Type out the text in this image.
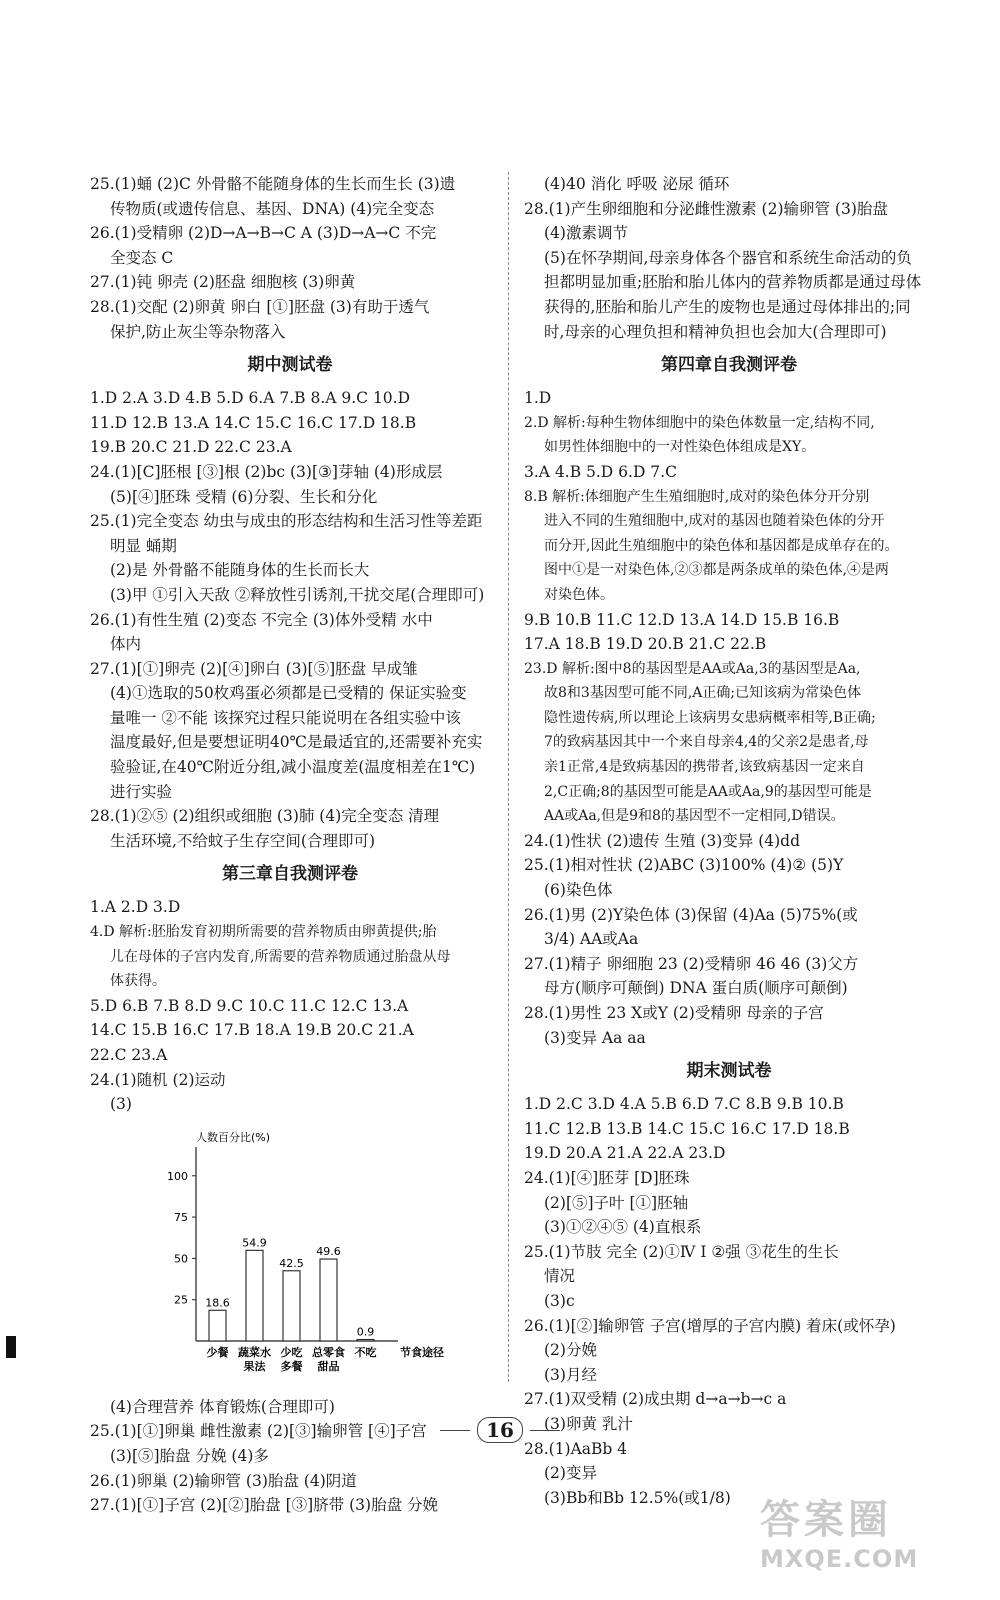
25.(1)蛹 (2)C 外骨骼不能随身体的生长而生长 (3)遗
传物质(或遗传信息、基因、DNA) (4)完全变态
26.(1)受精卵 (2)D→A→B→C A (3)D→A→C 不完
全变态 C
27.(1)钝 卵壳 (2)胚盘 细胞核 (3)卵黄
28.(1)交配 (2)卵黄 卵白 [①]胚盘 (3)有助于透气
保护,防止灰尘等杂物落入
期中测试卷
1.D 2.A 3.D 4.B 5.D 6.A 7.B 8.A 9.C 10.D
11.D 12.B 13.A 14.C 15.C 16.C 17.D 18.B
19.B 20.C 21.D 22.C 23.A
24.(1)[C]胚根 [③]根 (2)bc (3)[③]芽轴 (4)形成层
(5)[④]胚珠 受精 (6)分裂、生长和分化
25.(1)完全变态 幼虫与成虫的形态结构和生活习性等差距
明显 蛹期
(2)是 外骨骼不能随身体的生长而长大
(3)甲 ①引入天敌 ②释放性引诱剂,干扰交尾(合理即可)
26.(1)有性生殖 (2)变态 不完全 (3)体外受精 水中
体内
27.(1)[①]卵壳 (2)[④]卵白 (3)[⑤]胚盘 早成雏
(4)①选取的50枚鸡蛋必须都是已受精的 保证实验变
量唯一 ②不能 该探究过程只能说明在各组实验中该
温度最好,但是要想证明40℃是最适宜的,还需要补充实
验验证,在40℃附近分组,减小温度差(温度相差在1℃)
进行实验
28.(1)②⑤ (2)组织或细胞 (3)肺 (4)完全变态 清理
生活环境,不给蚊子生存空间(合理即可)
第三章自我测评卷
1.A 2.D 3.D
4.D 解析:胚胎发育初期所需要的营养物质由卵黄提供;胎
儿在母体的子宫内发育,所需要的营养物质通过胎盘从母
体获得。
5.D 6.B 7.B 8.D 9.C 10.C 11.C 12.C 13.A
14.C 15.B 16.C 17.B 18.A 19.B 20.C 21.A
22.C 23.A
24.(1)随机 (2)运动
(3)
人数百分比(%)
25
50
75
100
18.6
少餐
54.9
蔬菜水
果法
42.5
少吃
多餐
49.6
总零食
甜品
0.9
不吃 节食途径
(4)合理营养 体育锻炼(合理即可)
25.(1)[①]卵巢 雌性激素 (2)[③]输卵管 [④]子宫
(3)[⑤]胎盘 分娩 (4)多
26.(1)卵巢 (2)输卵管 (3)胎盘 (4)阴道
27.(1)[①]子宫 (2)[②]胎盘 [③]脐带 (3)胎盘 分娩
(4)40 消化 呼吸 泌尿 循环
28.(1)产生卵细胞和分泌雌性激素 (2)输卵管 (3)胎盘
(4)激素调节
(5)在怀孕期间,母亲身体各个器官和系统生命活动的负
担都明显加重;胚胎和胎儿体内的营养物质都是通过母体
获得的,胚胎和胎儿产生的废物也是通过母体排出的;同
时,母亲的心理负担和精神负担也会加大(合理即可)
第四章自我测评卷
1.D
2.D 解析:每种生物体细胞中的染色体数量一定,结构不同,
如男性体细胞中的一对性染色体组成是XY。
3.A 4.B 5.D 6.D 7.C
8.B 解析:体细胞产生生殖细胞时,成对的染色体分开分别
进入不同的生殖细胞中,成对的基因也随着染色体的分开
而分开,因此生殖细胞中的染色体和基因都是成单存在的。
图中①是一对染色体,②③都是两条成单的染色体,④是两
对染色体。
9.B 10.B 11.C 12.D 13.A 14.D 15.B 16.B
17.A 18.B 19.D 20.B 21.C 22.B
23.D 解析:图中8的基因型是AA或Aa,3的基因型是Aa,
故8和3基因型可能不同,A正确;已知该病为常染色体
隐性遗传病,所以理论上该病男女患病概率相等,B正确;
7的致病基因其中一个来自母亲4,4的父亲2是患者,母
亲1正常,4是致病基因的携带者,该致病基因一定来自
2,C正确;8的基因型可能是AA或Aa,9的基因型可能是
AA或Aa,但是9和8的基因型不一定相同,D错误。
24.(1)性状 (2)遗传 生殖 (3)变异 (4)dd
25.(1)相对性状 (2)ABC (3)100% (4)② (5)Y
(6)染色体
26.(1)男 (2)Y染色体 (3)保留 (4)Aa (5)75%(或
3/4) AA或Aa
27.(1)精子 卵细胞 23 (2)受精卵 46 46 (3)父方
母方(顺序可颠倒) DNA 蛋白质(顺序可颠倒)
28.(1)男性 23 X或Y (2)受精卵 母亲的子宫
(3)变异 Aa aa
期末测试卷
1.D 2.C 3.D 4.A 5.B 6.D 7.C 8.B 9.B 10.B
11.C 12.B 13.B 14.C 15.C 16.C 17.D 18.B
19.D 20.A 21.A 22.A 23.D
24.(1)[④]胚芽 [D]胚珠
(2)[⑤]子叶 [①]胚轴
(3)①②④⑤ (4)直根系
25.(1)节肢 完全 (2)①Ⅳ Ⅰ ②强 ③花生的生长
情况
(3)c
26.(1)[②]输卵管 子宫(增厚的子宫内膜) 着床(或怀孕)
(2)分娩
(3)月经
27.(1)双受精 (2)成虫期 d→a→b→c a
(3)卵黄 乳汁
28.(1)AaBb 4
(2)变异
(3)Bb和Bb 12.5%(或1/8)
16
答案圈
MXQE.COM
